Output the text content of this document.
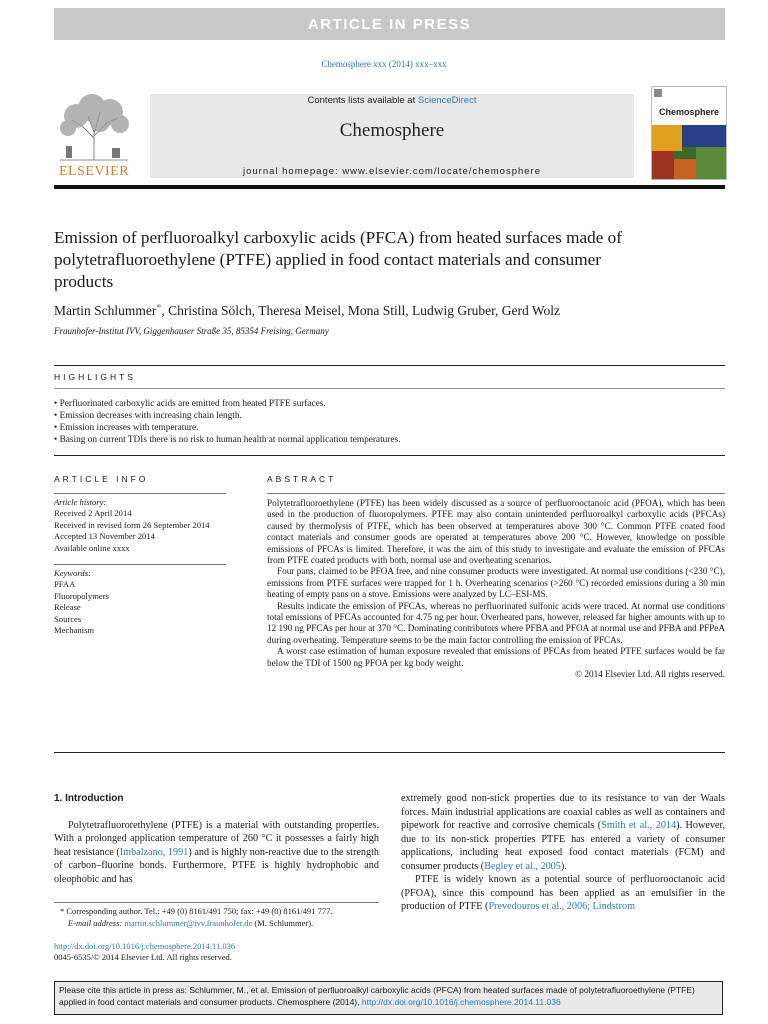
ARTICLE IN PRESS
Chemosphere xxx (2014) xxx–xxx
ELSEVIER
Contents lists available at ScienceDirect
Chemosphere
journal homepage: www.elsevier.com/locate/chemosphere
Chemosphere
Emission of perfluoroalkyl carboxylic acids (PFCA) from heated surfaces made of polytetrafluoroethylene (PTFE) applied in food contact materials and consumer products
Martin Schlummer*, Christina Sölch, Theresa Meisel, Mona Still, Ludwig Gruber, Gerd Wolz
Fraunhofer-Institut IVV, Giggenhauser Straße 35, 85354 Freising, Germany
HIGHLIGHTS
• Perfluorinated carboxylic acids are emitted from heated PTFE surfaces.
• Emission decreases with increasing chain length.
• Emission increases with temperature.
• Basing on current TDIs there is no risk to human health at normal application temperatures.
ARTICLE INFO
Article history:
Received 2 April 2014
Received in revised form 26 September 2014
Accepted 13 November 2014
Available online xxxx
Keywords:
PFAA
Fluoropolymers
Release
Sources
Mechanism
ABSTRACT

Polytetrafluoroethylene (PTFE) has been widely discussed as a source of perfluorooctanoic acid (PFOA), which has been used in the production of fluoropolymers. PTFE may also contain unintended perfluoroalkyl carboxylic acids (PFCAs) caused by thermolysis of PTFE, which has been observed at temperatures above 300 °C. Common PTFE coated food contact materials and consumer goods are operated at temperatures above 200 °C. However, knowledge on possible emissions of PFCAs is limited. Therefore, it was the aim of this study to investigate and evaluate the emission of PFCAs from PTFE coated products with both, normal use and overheating scenarios.

Four pans, claimed to be PFOA free, and nine consumer products were investigated. At normal use conditions (<230 °C), emissions from PTFE surfaces were trapped for 1 h. Overheating scenarios (>260 °C) recorded emissions during a 30 min heating of empty pans on a stove. Emissions were analyzed by LC–ESI-MS.

Results indicate the emission of PFCAs, whereas no perfluorinated sulfonic acids were traced. At normal use conditions total emissions of PFCAs accounted for 4.75 ng per hour. Overheated pans, however, released far higher amounts with up to 12 190 ng PFCAs per hour at 370 °C. Dominating contributors where PFBA and PFOA at normal use and PFBA and PFPeA during overheating. Temperature seems to be the main factor controlling the emission of PFCAs.

A worst case estimation of human exposure revealed that emissions of PFCAs from heated PTFE surfaces would be far below the TDI of 1500 ng PFOA per kg body weight.

© 2014 Elsevier Ltd. All rights reserved.
1. Introduction

Polytetrafluororethylene (PTFE) is a material with outstanding properties. With a prolonged application temperature of 260 °C it possesses a fairly high heat resistance (Imbalzano, 1991) and is highly non-reactive due to the strength of carbon–fluorine bonds. Furthermore, PTFE is highly hydrophobic and oleophobic and has

extremely good non-stick properties due to its resistance to van der Waals forces. Main industrial applications are coaxial cables as well as containers and pipework for reactive and corrosive chemicals (Smith et al., 2014). However, due to its non-stick properties PTFE has entered a variety of consumer applications, including heat exposed food contact materials (FCM) and consumer products (Begley et al., 2005).

PTFE is widely known as a potential source of perfluorooctanoic acid (PFOA), since this compound has been applied as an emulsifier in the production of PTFE (Prevedouros et al., 2006; Lindstrom

* Corresponding author. Tel.: +49 (0) 8161/491 750; fax: +49 (0) 8161/491 777.
E-mail address: martin.schlummer@ivv.fraunhofer.de (M. Schlummer).
http://dx.doi.org/10.1016/j.chemosphere.2014.11.036
0045-6535/© 2014 Elsevier Ltd. All rights reserved.
Please cite this article in press as: Schlummer, M., et al. Emission of perfluoroalkyl carboxylic acids (PFCA) from heated surfaces made of polytetrafluoroethylene (PTFE) applied in food contact materials and consumer products. Chemosphere (2014), http://dx.doi.org/10.1016/j.chemosphere.2014.11.036
